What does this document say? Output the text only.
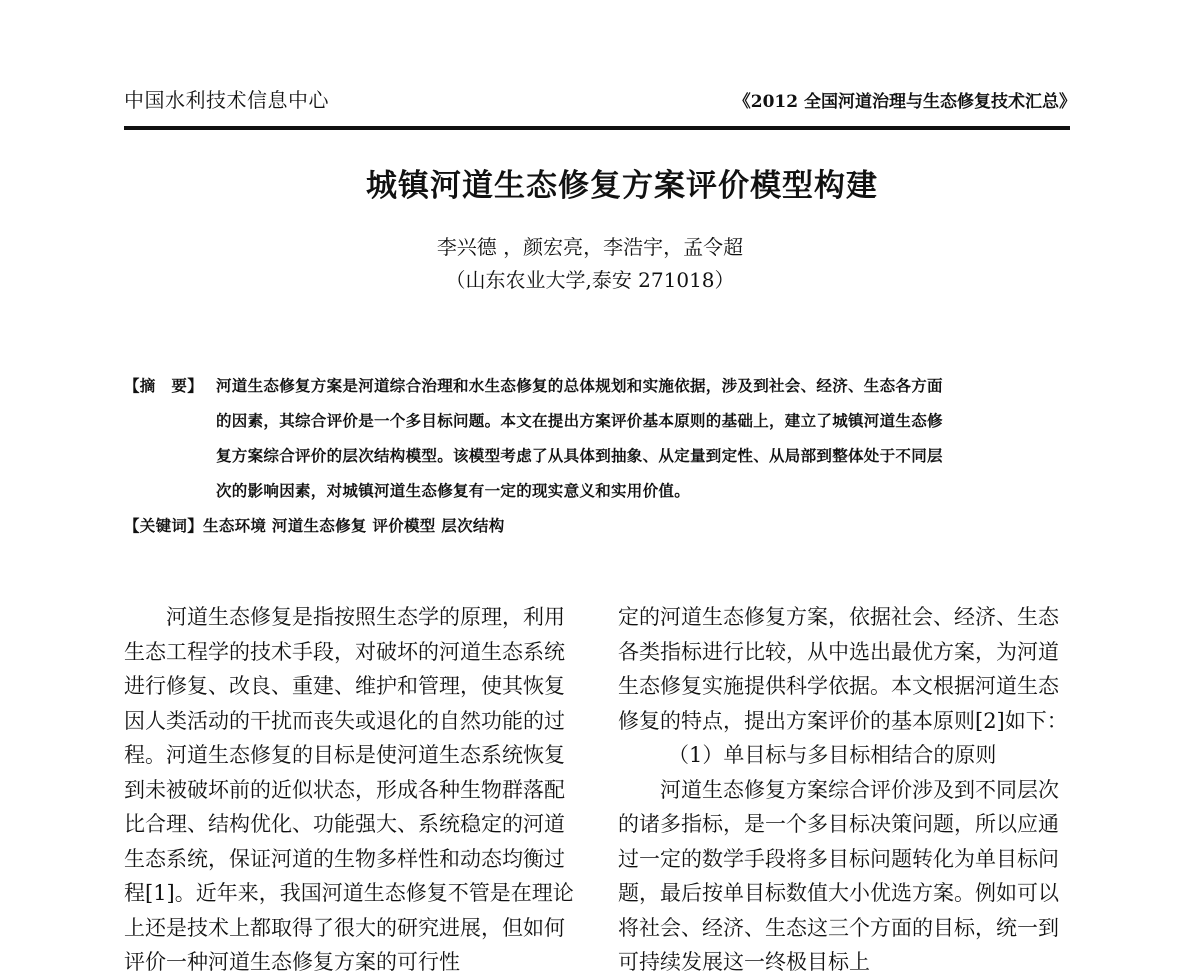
中国水利技术信息中心	《2012 全国河道治理与生态修复技术汇总》
城镇河道生态修复方案评价模型构建
李兴德 ，颜宏亮，李浩宇，孟令超
（山东农业大学,泰安 271018）
【摘　要】 河道生态修复方案是河道综合治理和水生态修复的总体规划和实施依据，涉及到社会、经济、生态各方面
的因素，其综合评价是一个多目标问题。本文在提出方案评价基本原则的基础上，建立了城镇河道生态修
复方案综合评价的层次结构模型。该模型考虑了从具体到抽象、从定量到定性、从局部到整体处于不同层
次的影响因素，对城镇河道生态修复有一定的现实意义和实用价值。
【关键词】生态环境 河道生态修复 评价模型 层次结构
河道生态修复是指按照生态学的原理，利用
生态工程学的技术手段，对破坏的河道生态系统
进行修复、改良、重建、维护和管理，使其恢复
因人类活动的干扰而丧失或退化的自然功能的过
程。河道生态修复的目标是使河道生态系统恢复
到未被破坏前的近似状态，形成各种生物群落配
比合理、结构优化、功能强大、系统稳定的河道
生态系统，保证河道的生物多样性和动态均衡过
程[1]。近年来，我国河道生态修复不管是在理论
上还是技术上都取得了很大的研究进展，但如何
评价一种河道生态修复方案的可行性
定的河道生态修复方案，依据社会、经济、生态
各类指标进行比较，从中选出最优方案，为河道
生态修复实施提供科学依据。本文根据河道生态
修复的特点，提出方案评价的基本原则[2]如下：
（1）单目标与多目标相结合的原则
河道生态修复方案综合评价涉及到不同层次
的诸多指标，是一个多目标决策问题，所以应通
过一定的数学手段将多目标问题转化为单目标问
题，最后按单目标数值大小优选方案。例如可以
将社会、经济、生态这三个方面的目标，统一到
可持续发展这一终极目标上
